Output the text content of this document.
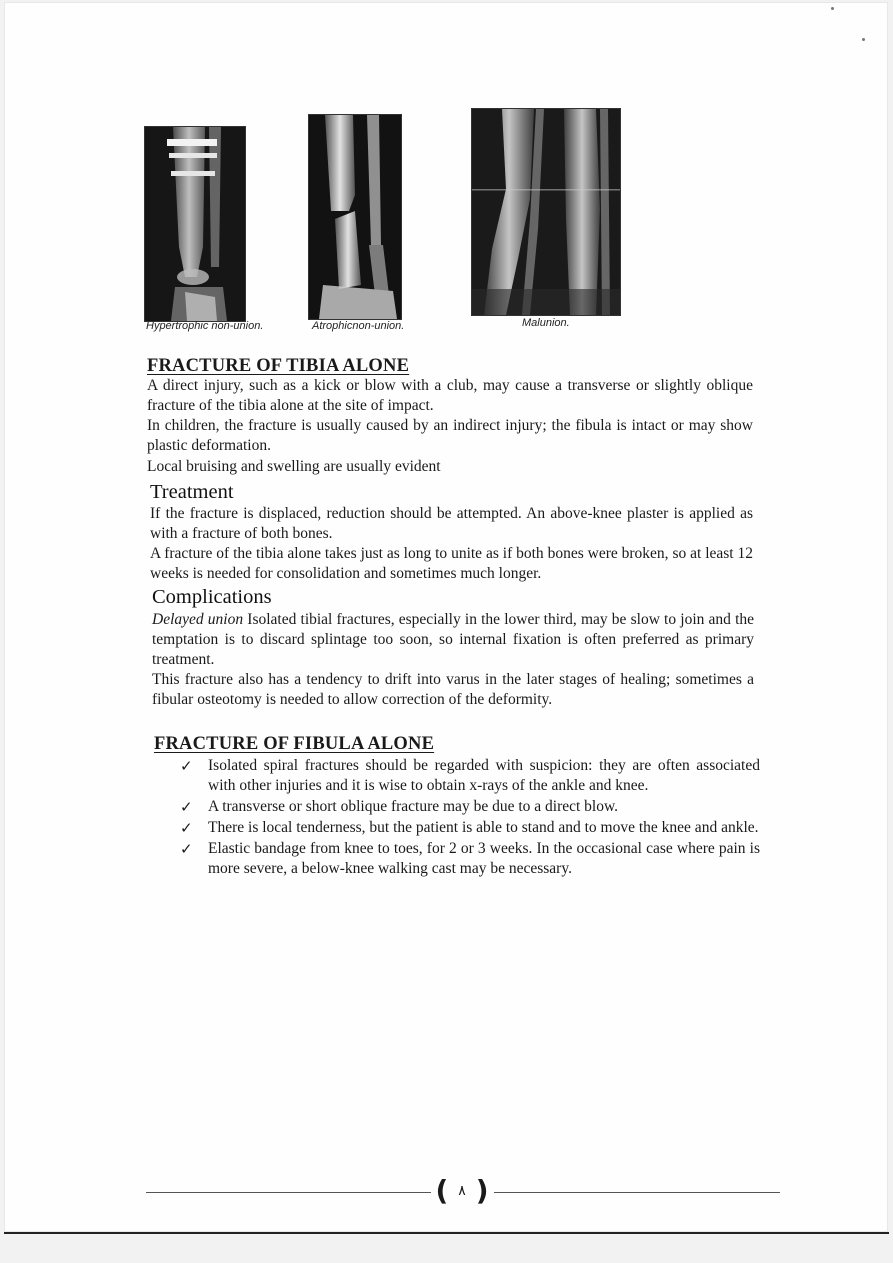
Hypertrophic non-union.	Atrophicnon-union.	Malunion.
FRACTURE OF TIBIA ALONE

A direct injury, such as a kick or blow with a club, may cause a transverse or slightly oblique fracture of the tibia alone at the site of impact.

In children, the fracture is usually caused by an indirect injury; the fibula is intact or may show plastic deformation.

Local bruising and swelling are usually evident

Treatment

If the fracture is displaced, reduction should be attempted. An above-knee plaster is applied as with a fracture of both bones.

A fracture of the tibia alone takes just as long to unite as if both bones were broken, so at least 12 weeks is needed for consolidation and sometimes much longer.

Complications

Delayed union Isolated tibial fractures, especially in the lower third, may be slow to join and the temptation is to discard splintage too soon, so internal fixation is often preferred as primary treatment.

This fracture also has a tendency to drift into varus in the later stages of healing; sometimes a fibular osteotomy is needed to allow correction of the deformity.

FRACTURE OF FIBULA ALONE
✓ Isolated spiral fractures should be regarded with suspicion: they are often associated with other injuries and it is wise to obtain x-rays of the ankle and knee.
✓ A transverse or short oblique fracture may be due to a direct blow.
✓ There is local tenderness, but the patient is able to stand and to move the knee and ankle.
✓ Elastic bandage from knee to toes, for 2 or 3 weeks. In the occasional case where pain is more severe, a below-knee walking cast may be necessary.
( ٨ )
